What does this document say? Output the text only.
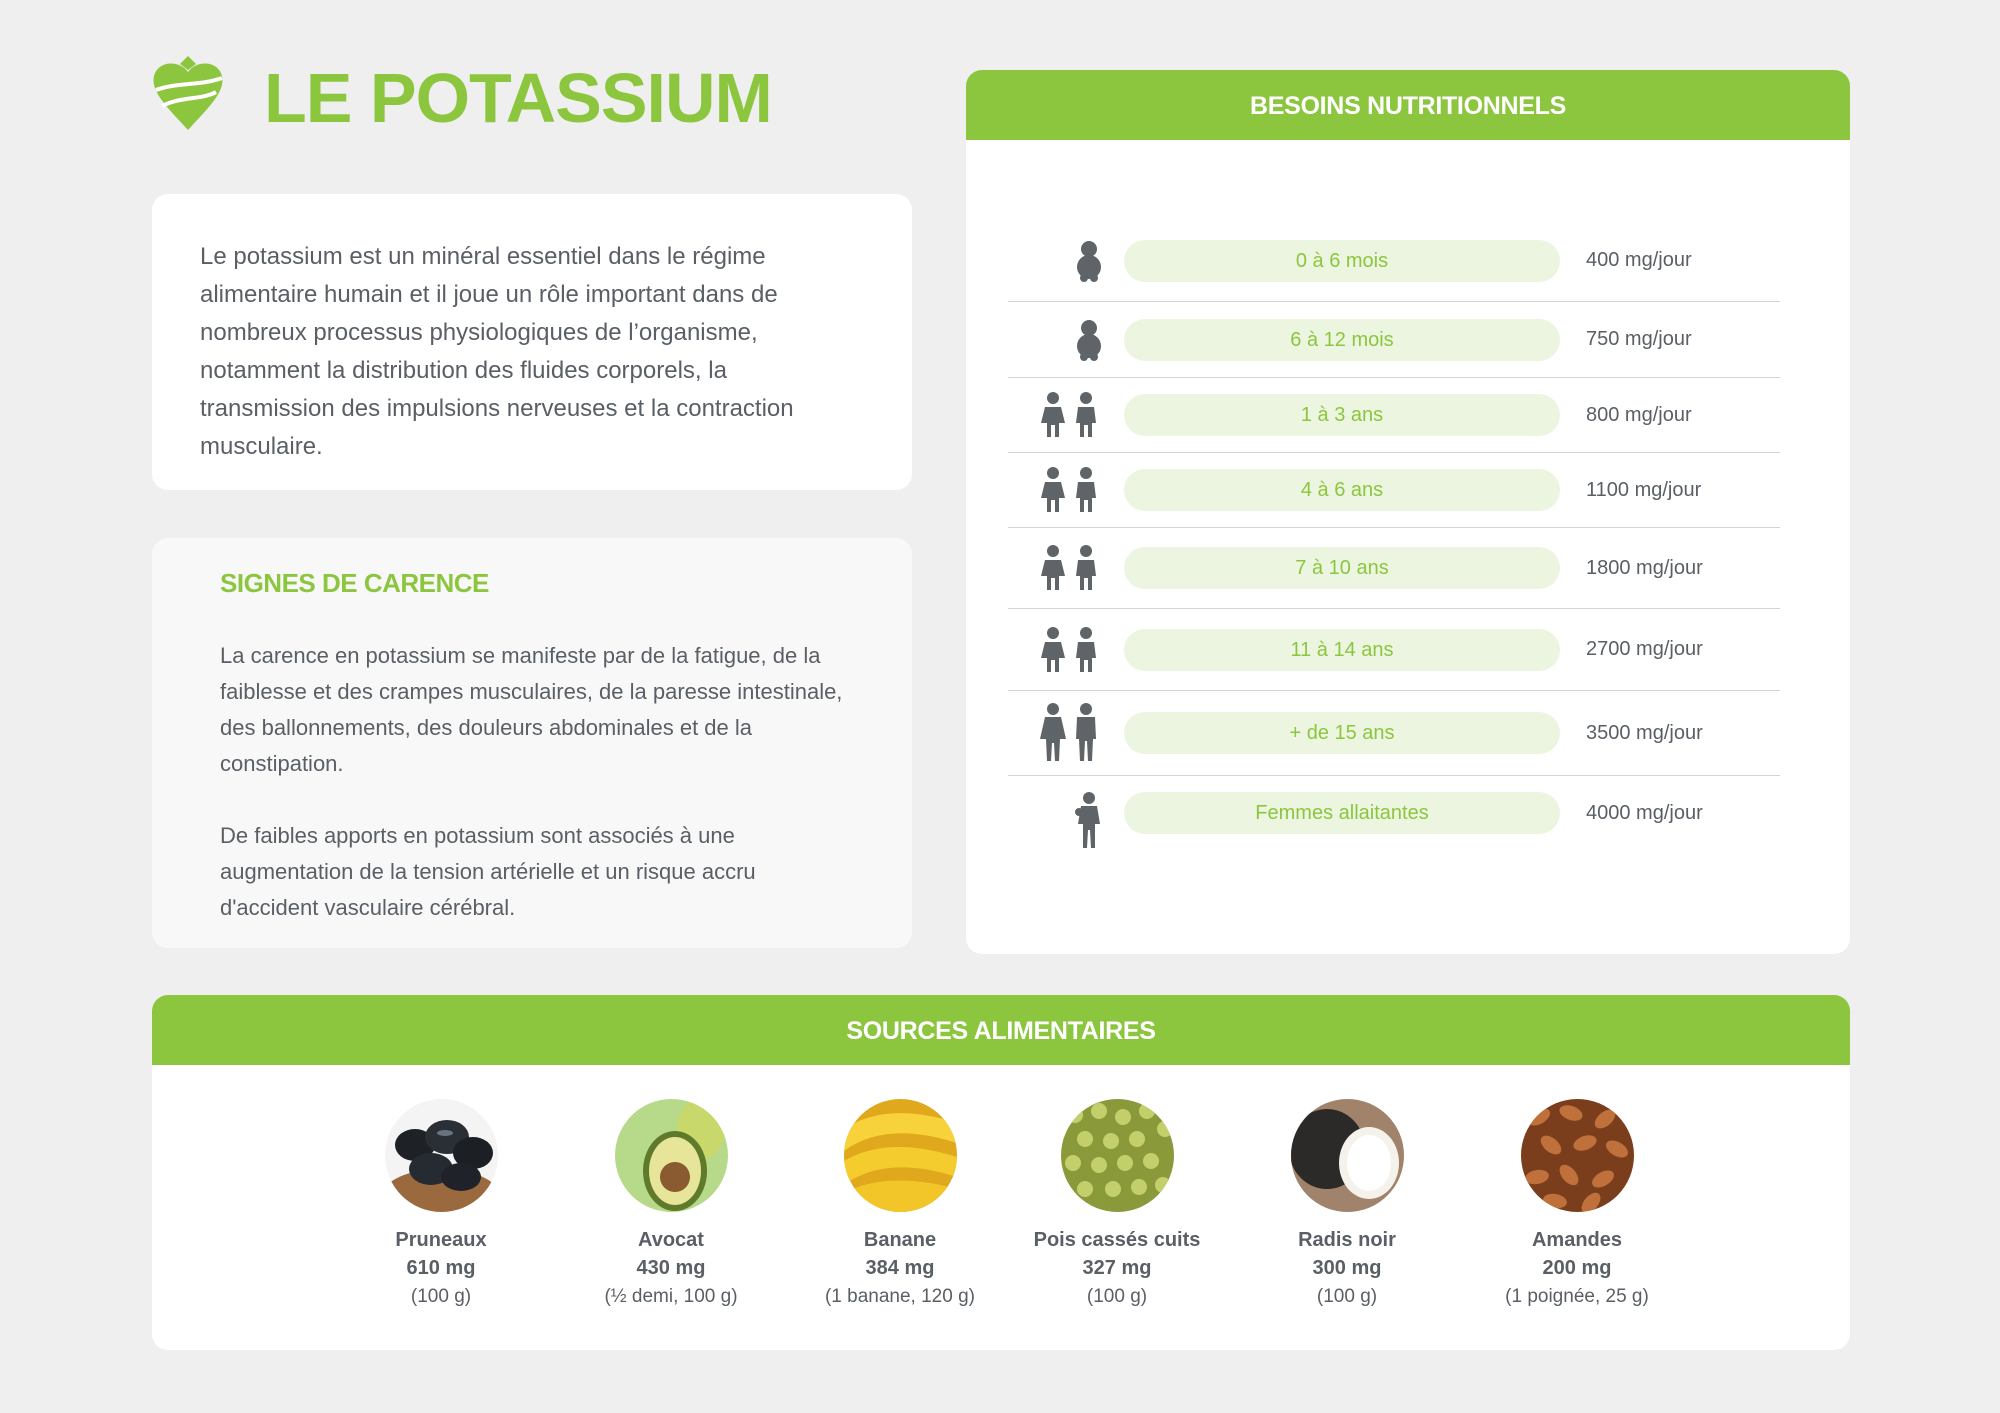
LE POTASSIUM
Le potassium est un minéral essentiel dans le régime alimentaire humain et il joue un rôle important dans de nombreux processus physiologiques de l’organisme, notamment la distribution des fluides corporels, la transmission des impulsions nerveuses et la contraction musculaire.
SIGNES DE CARENCE
La carence en potassium se manifeste par de la fatigue, de la faiblesse et des crampes musculaires, de la paresse intestinale, des ballonnements, des douleurs abdominales et de la constipation.
De faibles apports en potassium sont associés à une augmentation de la tension artérielle et un risque accru d'accident vasculaire cérébral.
BESOINS NUTRITIONNELS
0 à 6 mois	400 mg/jour
6 à 12 mois	750 mg/jour
1 à 3 ans	800 mg/jour
4 à 6 ans	1100 mg/jour
7 à 10 ans	1800 mg/jour
11 à 14 ans	2700 mg/jour
+ de 15 ans	3500 mg/jour
Femmes allaitantes	4000 mg/jour
SOURCES ALIMENTAIRES
Pruneaux
610 mg
(100 g)
Avocat
430 mg
(½ demi, 100 g)
Banane
384 mg
(1 banane, 120 g)
Pois cassés cuits
327 mg
(100 g)
Radis noir
300 mg
(100 g)
Amandes
200 mg
(1 poignée, 25 g)
